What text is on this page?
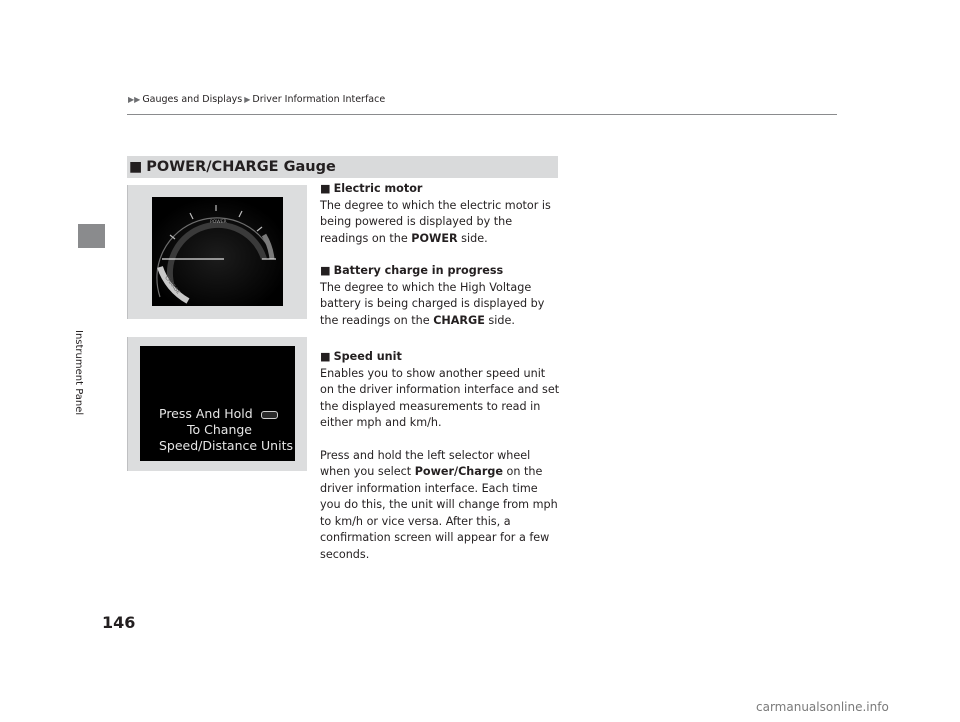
Instrument Panel
▶▶ Gauges and Displays ▶ Driver Information Interface
■ POWER/CHARGE Gauge
POWER
CHARGE
Press And Hold
To Change
Speed/Distance Units

■ Electric motor

The degree to which the electric motor is being powered is displayed by the readings on the POWER side.

■ Battery charge in progress

The degree to which the High Voltage battery is being charged is displayed by the readings on the CHARGE side.

■ Speed unit

Enables you to show another speed unit on the driver information interface and set the displayed measurements to read in either mph and km/h.

Press and hold the left selector wheel when you select Power/Charge on the driver information interface. Each time you do this, the unit will change from mph to km/h or vice versa. After this, a confirmation screen will appear for a few seconds.

146
carmanualsonline.info
